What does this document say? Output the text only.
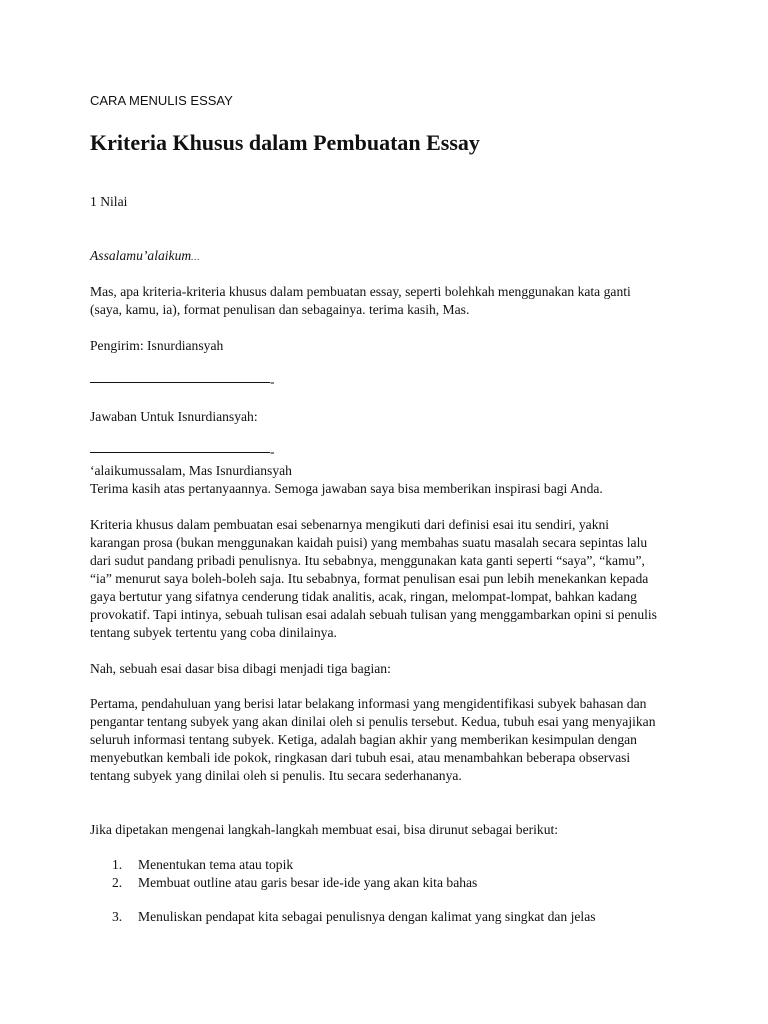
CARA MENULIS ESSAY

Kriteria Khusus dalam Pembuatan Essay

1 Nilai

Assalamu’alaikum…

Mas, apa kriteria-kriteria khusus dalam pembuatan essay, seperti bolehkah menggunakan kata ganti (saya, kamu, ia), format penulisan dan sebagainya. terima kasih, Mas.

Pengirim: Isnurdiansyah

-

Jawaban Untuk Isnurdiansyah:

-

‘alaikumussalam, Mas Isnurdiansyah

Terima kasih atas pertanyaannya. Semoga jawaban saya bisa memberikan inspirasi bagi Anda.

Kriteria khusus dalam pembuatan esai sebenarnya mengikuti dari definisi esai itu sendiri, yakni karangan prosa (bukan menggunakan kaidah puisi) yang membahas suatu masalah secara sepintas lalu dari sudut pandang pribadi penulisnya. Itu sebabnya, menggunakan kata ganti seperti “saya”, “kamu”, “ia” menurut saya boleh-boleh saja. Itu sebabnya, format penulisan esai pun lebih menekankan kepada gaya bertutur yang sifatnya cenderung tidak analitis, acak, ringan, melompat-lompat, bahkan kadang provokatif. Tapi intinya, sebuah tulisan esai adalah sebuah tulisan yang menggambarkan opini si penulis tentang subyek tertentu yang coba dinilainya.

Nah, sebuah esai dasar bisa dibagi menjadi tiga bagian:

Pertama, pendahuluan yang berisi latar belakang informasi yang mengidentifikasi subyek bahasan dan pengantar tentang subyek yang akan dinilai oleh si penulis tersebut. Kedua, tubuh esai yang menyajikan seluruh informasi tentang subyek. Ketiga, adalah bagian akhir yang memberikan kesimpulan dengan menyebutkan kembali ide pokok, ringkasan dari tubuh esai, atau menambahkan beberapa observasi tentang subyek yang dinilai oleh si penulis. Itu secara sederhananya.

Jika dipetakan mengenai langkah-langkah membuat esai, bisa dirunut sebagai berikut:

1. Menentukan tema atau topik
2. Membuat outline atau garis besar ide-ide yang akan kita bahas
3. Menuliskan pendapat kita sebagai penulisnya dengan kalimat yang singkat dan jelas
